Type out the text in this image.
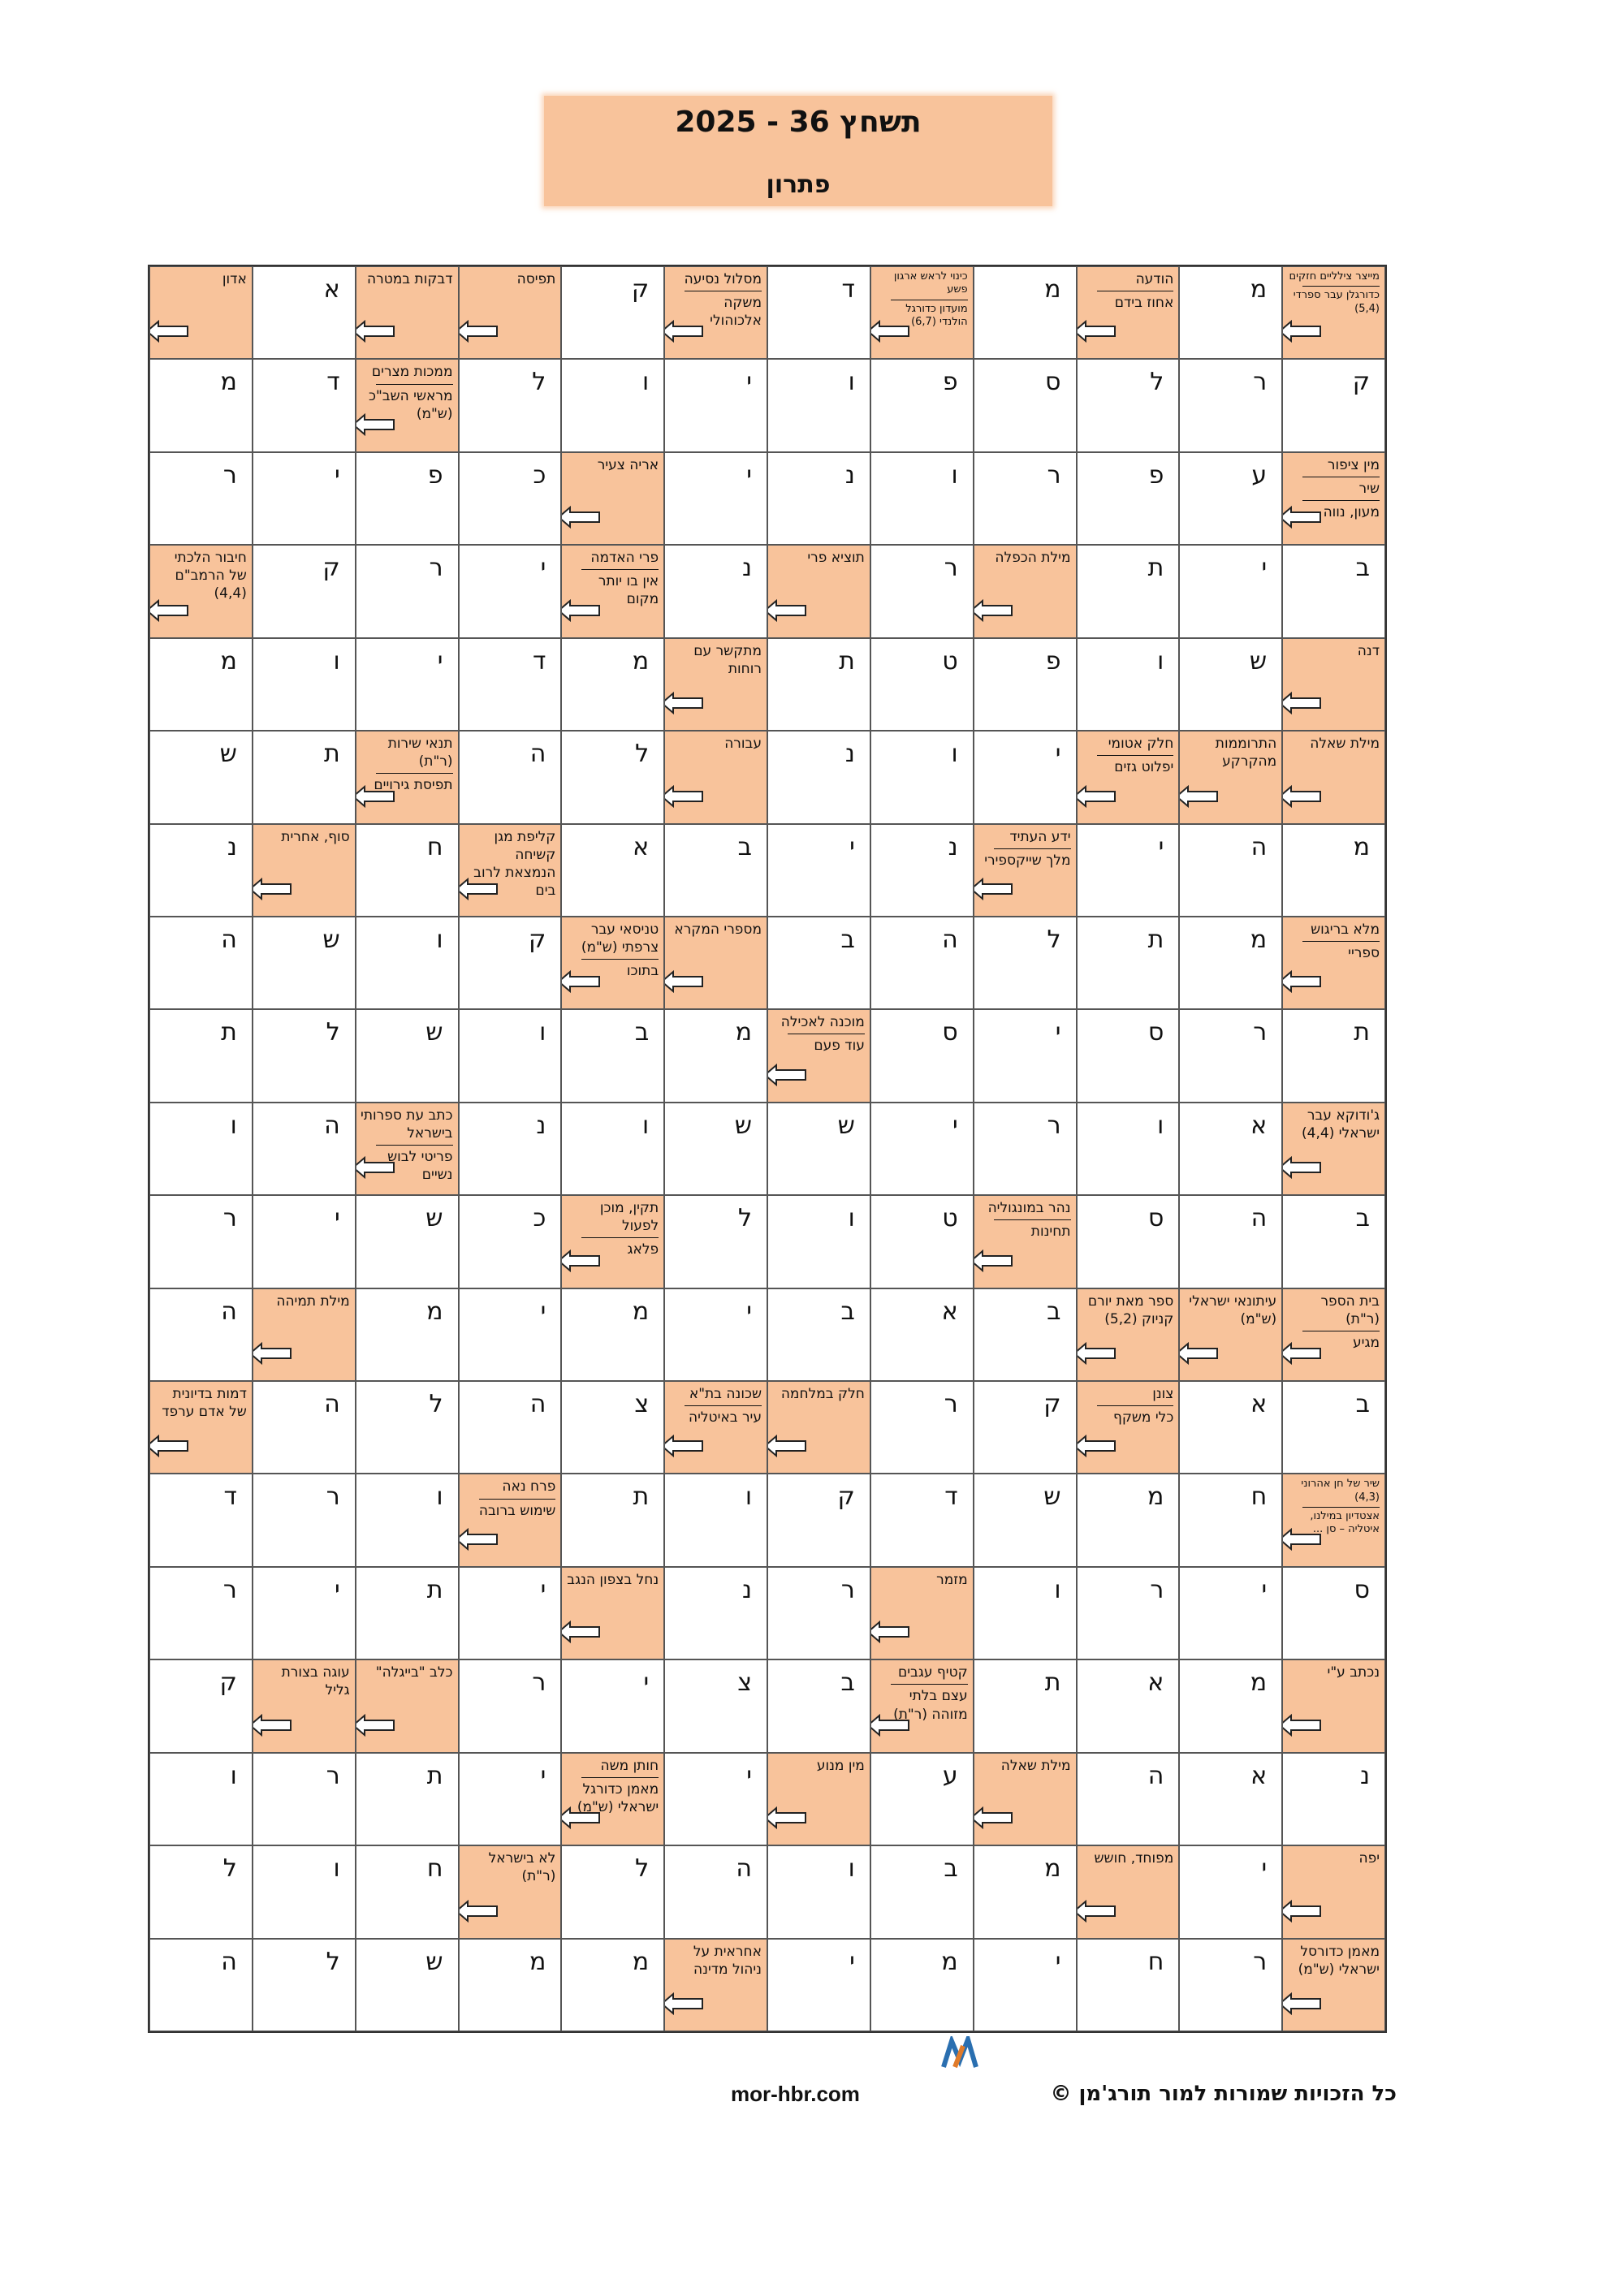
תשחץ 36 - 2025
פתרון
מייצר צילליים חזקים
כדורגלן עבר ספרדי (5,4)
מ
הודעה
אחוז בידם
מ
כינוי לראש ארגון פשע
מועדון כדורגל הולנדי (6,7)
ד
מסלול נסיעה
משקה אלכוהולי
ק
תפיסה
דבקות במטרה
א
אדון
ק
ר
ל
ס
פ
ו
י
ו
ל
ממכות מצרים
מראשי השב"כ (ש"מ)
ד
מ
מין ציפור
שיר
מעון, נווה
ע
פ
ר
ו
נ
י
אריה צעיר
כ
פ
י
ר
ב
י
ת
מילת הכפלה
ר
תוציא פרי
נ
פרי האדמה
אין בו יותר מקום
י
ר
ק
חיבור הלכתי של הרמב"ם (4,4)
דנה
ש
ו
פ
ט
ת
מתקשר עם רוחות
מ
ד
י
ו
מ
מילת שאלה
התרוממות מהקרקע
חלק אטומי
יפלוט גזים
י
ו
נ
עבורה
ל
ה
תנאי שירות (ר"ת)
תפיסת גירויים
ת
ש
מ
ה
י
ידע העתיד
מלך שייקספירי
נ
י
ב
א
קליפת מגן קשיחה הנמצאת לרוב בים
ח
סוף, אחרית
נ
מלא בריגוש
ספריי
מ
ת
ל
ה
ב
מספרי המקרא
טניסאי עבר צרפתי (ש"מ)
בתוכו
ק
ו
ש
ה
ת
ר
ס
י
ס
מוכנה לאכילה
עוד פעם
מ
ב
ו
ש
ל
ת
ג'ודוקא עבר ישראלי (4,4)
א
ו
ר
י
ש
ש
ו
נ
כתב עת ספרותי בישראל
פריטי לבוש נשיים
ה
ו
ב
ה
ס
נהר במונגוליה
תחינות
ט
ו
ל
תקין, מוכן לפעול
פלאג
כ
ש
י
ר
בית הספר (ר"ת)
מגיע
עיתונאי ישראלי (ש"מ)
ספר מאת יורם קניוק (5,2)
ב
א
ב
י
מ
י
מ
מילת תמיהה
ה
ב
א
צונן
כלי משקף
ק
ר
חלק במלחמה
שכונה בת"א
עיר באיטליה
צ
ה
ל
ה
דמות בדיונית של אדם ערפד
שיר של חן אהרוני (4,3)
אצטדיון במילנו, איטליה – סן ...
ח
מ
ש
ד
ק
ו
ת
פרח נאה
שימוש ברובה
ו
ר
ד
ס
י
ר
ו
מזמר
ר
נ
נחל בצפון הנגב
י
ת
י
ר
נכתב ע"י
מ
א
ת
קטיף עגבים
עצם בלתי מזוהה (ר"ת)
ב
צ
י
ר
כלב "בייגלה"
עוגה בצורת גליל
ק
נ
א
ה
מילת שאלה
ע
מין מנוע
י
חותן משה
מאמן כדורגל ישראלי (ש"מ)
י
ת
ר
ו
יפה
י
מפוחד, חושש
מ
ב
ו
ה
ל
לא בישראל (ר"ת)
ח
ו
ל
מאמן כדורסל ישראלי (ש"מ)
ר
ח
י
מ
י
אחראית על ניהול מדינה
מ
מ
ש
ל
ה
כל הזכויות שמורות למור תורג'מן ©
mor-hbr.com
